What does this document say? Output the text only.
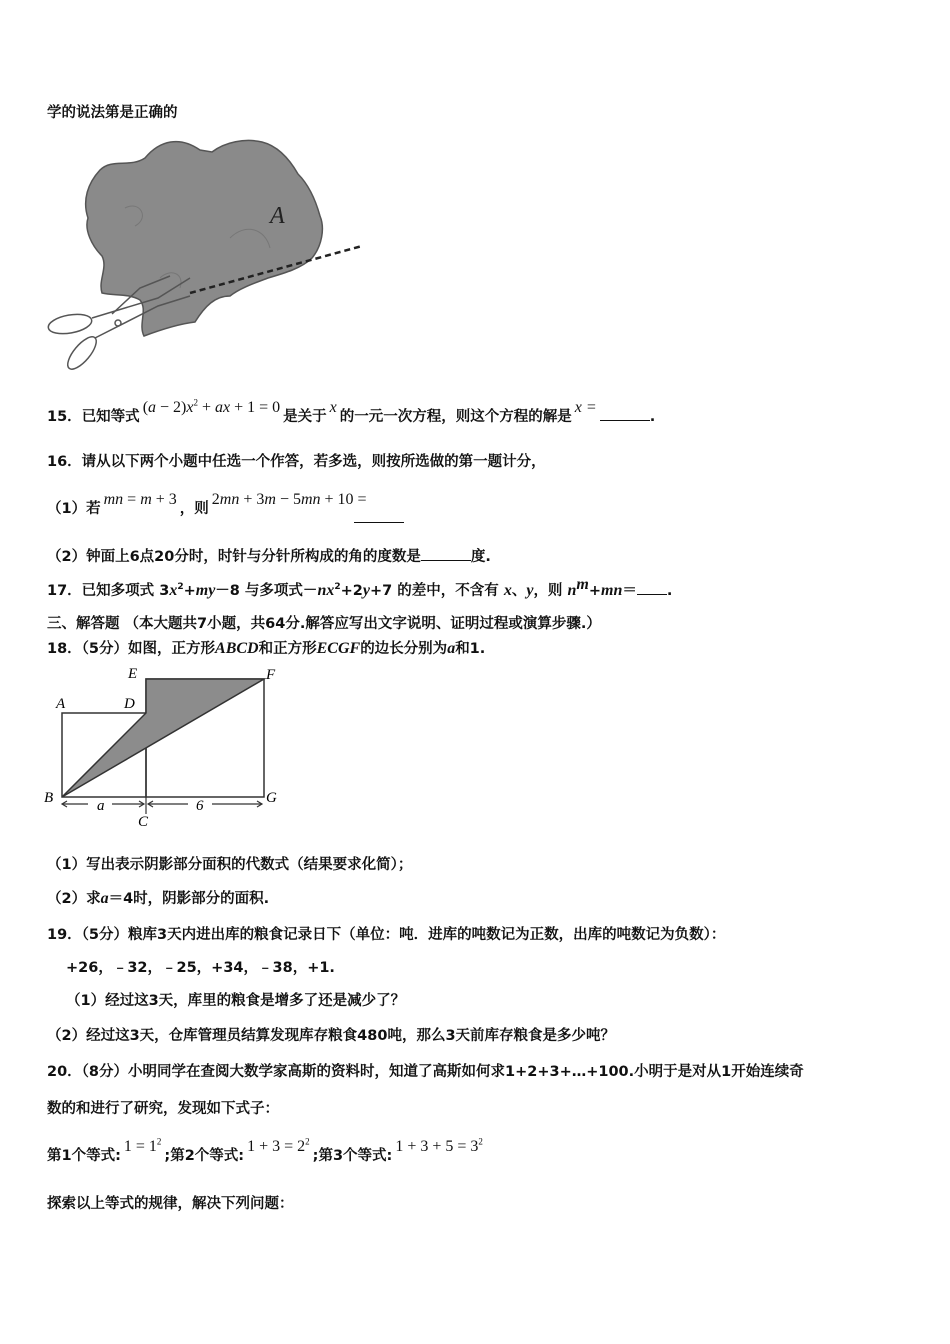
学的说法第是正确的
A
15．已知等式$(a - 2)x^2$ + ax + 1 = 0是关于x的一元一次方程，则这个方程的解是x =.
16．请从以下两个小题中任选一个作答，若多选，则按所选做的第一题计分，
（1）若mn = m + 3，则2mn + 3m − 5mn + 10 =
（2）钟面上6点20分时，时针与分针所构成的角的度数是	度.
17．已知多项式 $3x^2+my-8$ 与多项式$-nx^2+2y+7$ 的差中，不含有 x、y，则 $n^m+mn=$ .
三、解答题 （本大题共7小题，共64分.解答应写出文字说明、证明过程或演算步骤.）
18．（5分）如图，正方形ABCD和正方形ECGF的边长分别为a和1.
A	D
E	F
B	G
C
a	6
（1）写出表示阴影部分面积的代数式（结果要求化简）；
（2）求a＝4时，阴影部分的面积.
19．（5分）粮库3天内进出库的粮食记录日下（单位：吨．进库的吨数记为正数，出库的吨数记为负数）：
+26，﹣32，﹣25，+34，﹣38，+1.
（1）经过这3天，库里的粮食是增多了还是减少了？
（2）经过这3天，仓库管理员结算发现库存粮食480吨，那么3天前库存粮食是多少吨？
20．（8分）小明同学在查阅大数学家高斯的资料时，知道了高斯如何求1+2+3+…+100.小明于是对从1开始连续奇
数的和进行了研究，发现如下式子：
第1个等式:1 = $1^2$;第2个等式:1 + $3 = 2^2$;第3个等式:1 + $3 + 5 = 3^2$
探索以上等式的规律，解决下列问题：
